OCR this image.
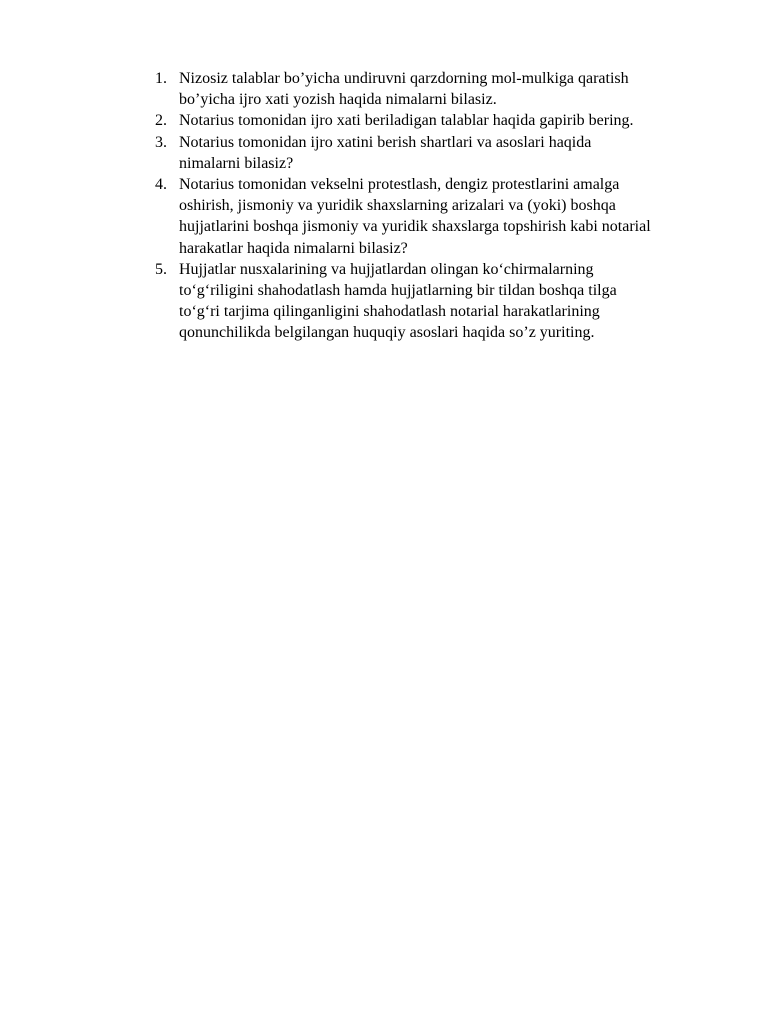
1. Nizosiz talablar bo’yicha undiruvni qarzdorning mol-mulkiga qaratish
bo’yicha ijro xati yozish haqida nimalarni bilasiz.
2. Notarius tomonidan ijro xati beriladigan talablar haqida gapirib bering.
3. Notarius tomonidan ijro xatini berish shartlari va asoslari haqida
nimalarni bilasiz?
4. Notarius tomonidan vekselni protestlash, dengiz protestlarini amalga
oshirish, jismoniy va yuridik shaxslarning arizalari va (yoki) boshqa
hujjatlarini boshqa jismoniy va yuridik shaxslarga topshirish kabi notarial
harakatlar haqida nimalarni bilasiz?
5. Hujjatlar nusxalarining va hujjatlardan olingan ko‘chirmalarning
to‘g‘riligini shahodatlash hamda hujjatlarning bir tildan boshqa tilga
to‘g‘ri tarjima qilinganligini shahodatlash notarial harakatlarining
qonunchilikda belgilangan huquqiy asoslari haqida so’z yuriting.
